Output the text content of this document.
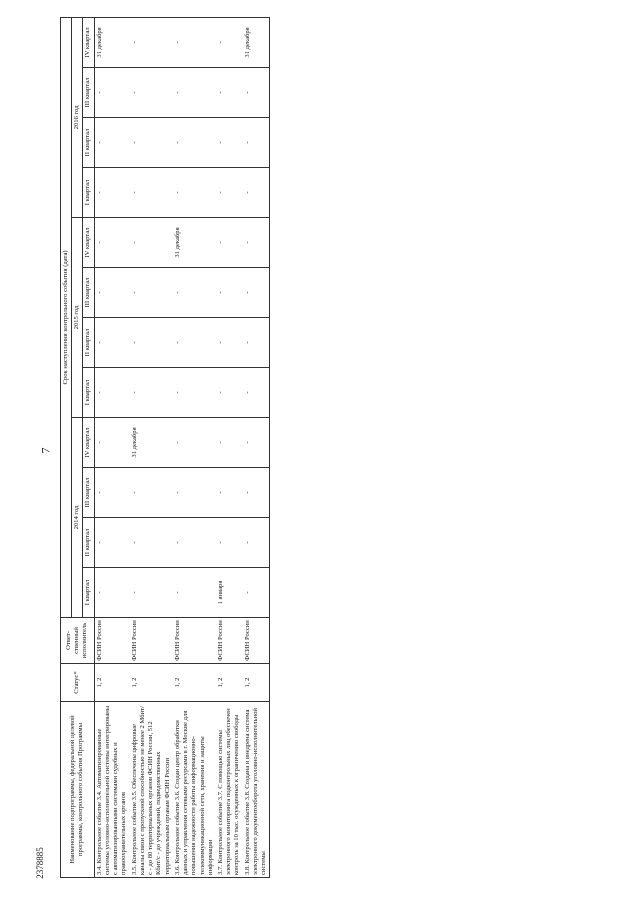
7
Наименование подпрограммы, федеральной целевой программы, контрольного события Программы	Статус*	Ответ-ственный исполнитель	Срок наступления контрольного события (дата)											
			2014 год				2015 год				2016 год			
			I квартал	II квартал	III квартал	IV квартал	I квартал	II квартал	III квартал	IV квартал	I квартал	II квартал	III квартал	IV квартал
3.4. Контрольное событие 3.4. Автоматизированные системы уголовно-исполнительной системы интегрированы с автоматизированными системами судебных и правоохранительных органов	1, 2	ФСИН России	-	-	-	-	-	-	-	-	-	-	-	31 декабря
3.5. Контрольное событие 3.5. Обеспечены цифровые каналы связи с пропускной способностью не менее 2 Мбит/с - до 80 территориальных органов ФСИН России, 512 Кбит/с - до учреждений, подведомственных территориальным органам ФСИН России	1, 2	ФСИН России	-	-	-	31 декабря	-	-	-	-	-	-	-	-
3.6. Контрольное событие 3.6. Создан центр обработки данных и управления сетевыми ресурсами в г. Москве для повышения надежности работы информационно-телекоммуникационной сети, хранения и защиты информации	1, 2	ФСИН России	-	-	-	-	-	-	-	31 декабря	-	-	-	-
3.7. Контрольное событие 3.7. С помощью системы электронного мониторинга подконтрольных лиц обеспечен контроль за 10 тыс. осужденных к ограничению свободы	1, 2	ФСИН России	1 января	-	-	-	-	-	-	-	-	-	-	-
3.8. Контрольное событие 3.8. Создана и внедрена система электронного документооборота уголовно-исполнительной системы	1, 2	ФСИН России	-	-	-	-	-	-	-	-	-	-	-	31 декабря
2378885
